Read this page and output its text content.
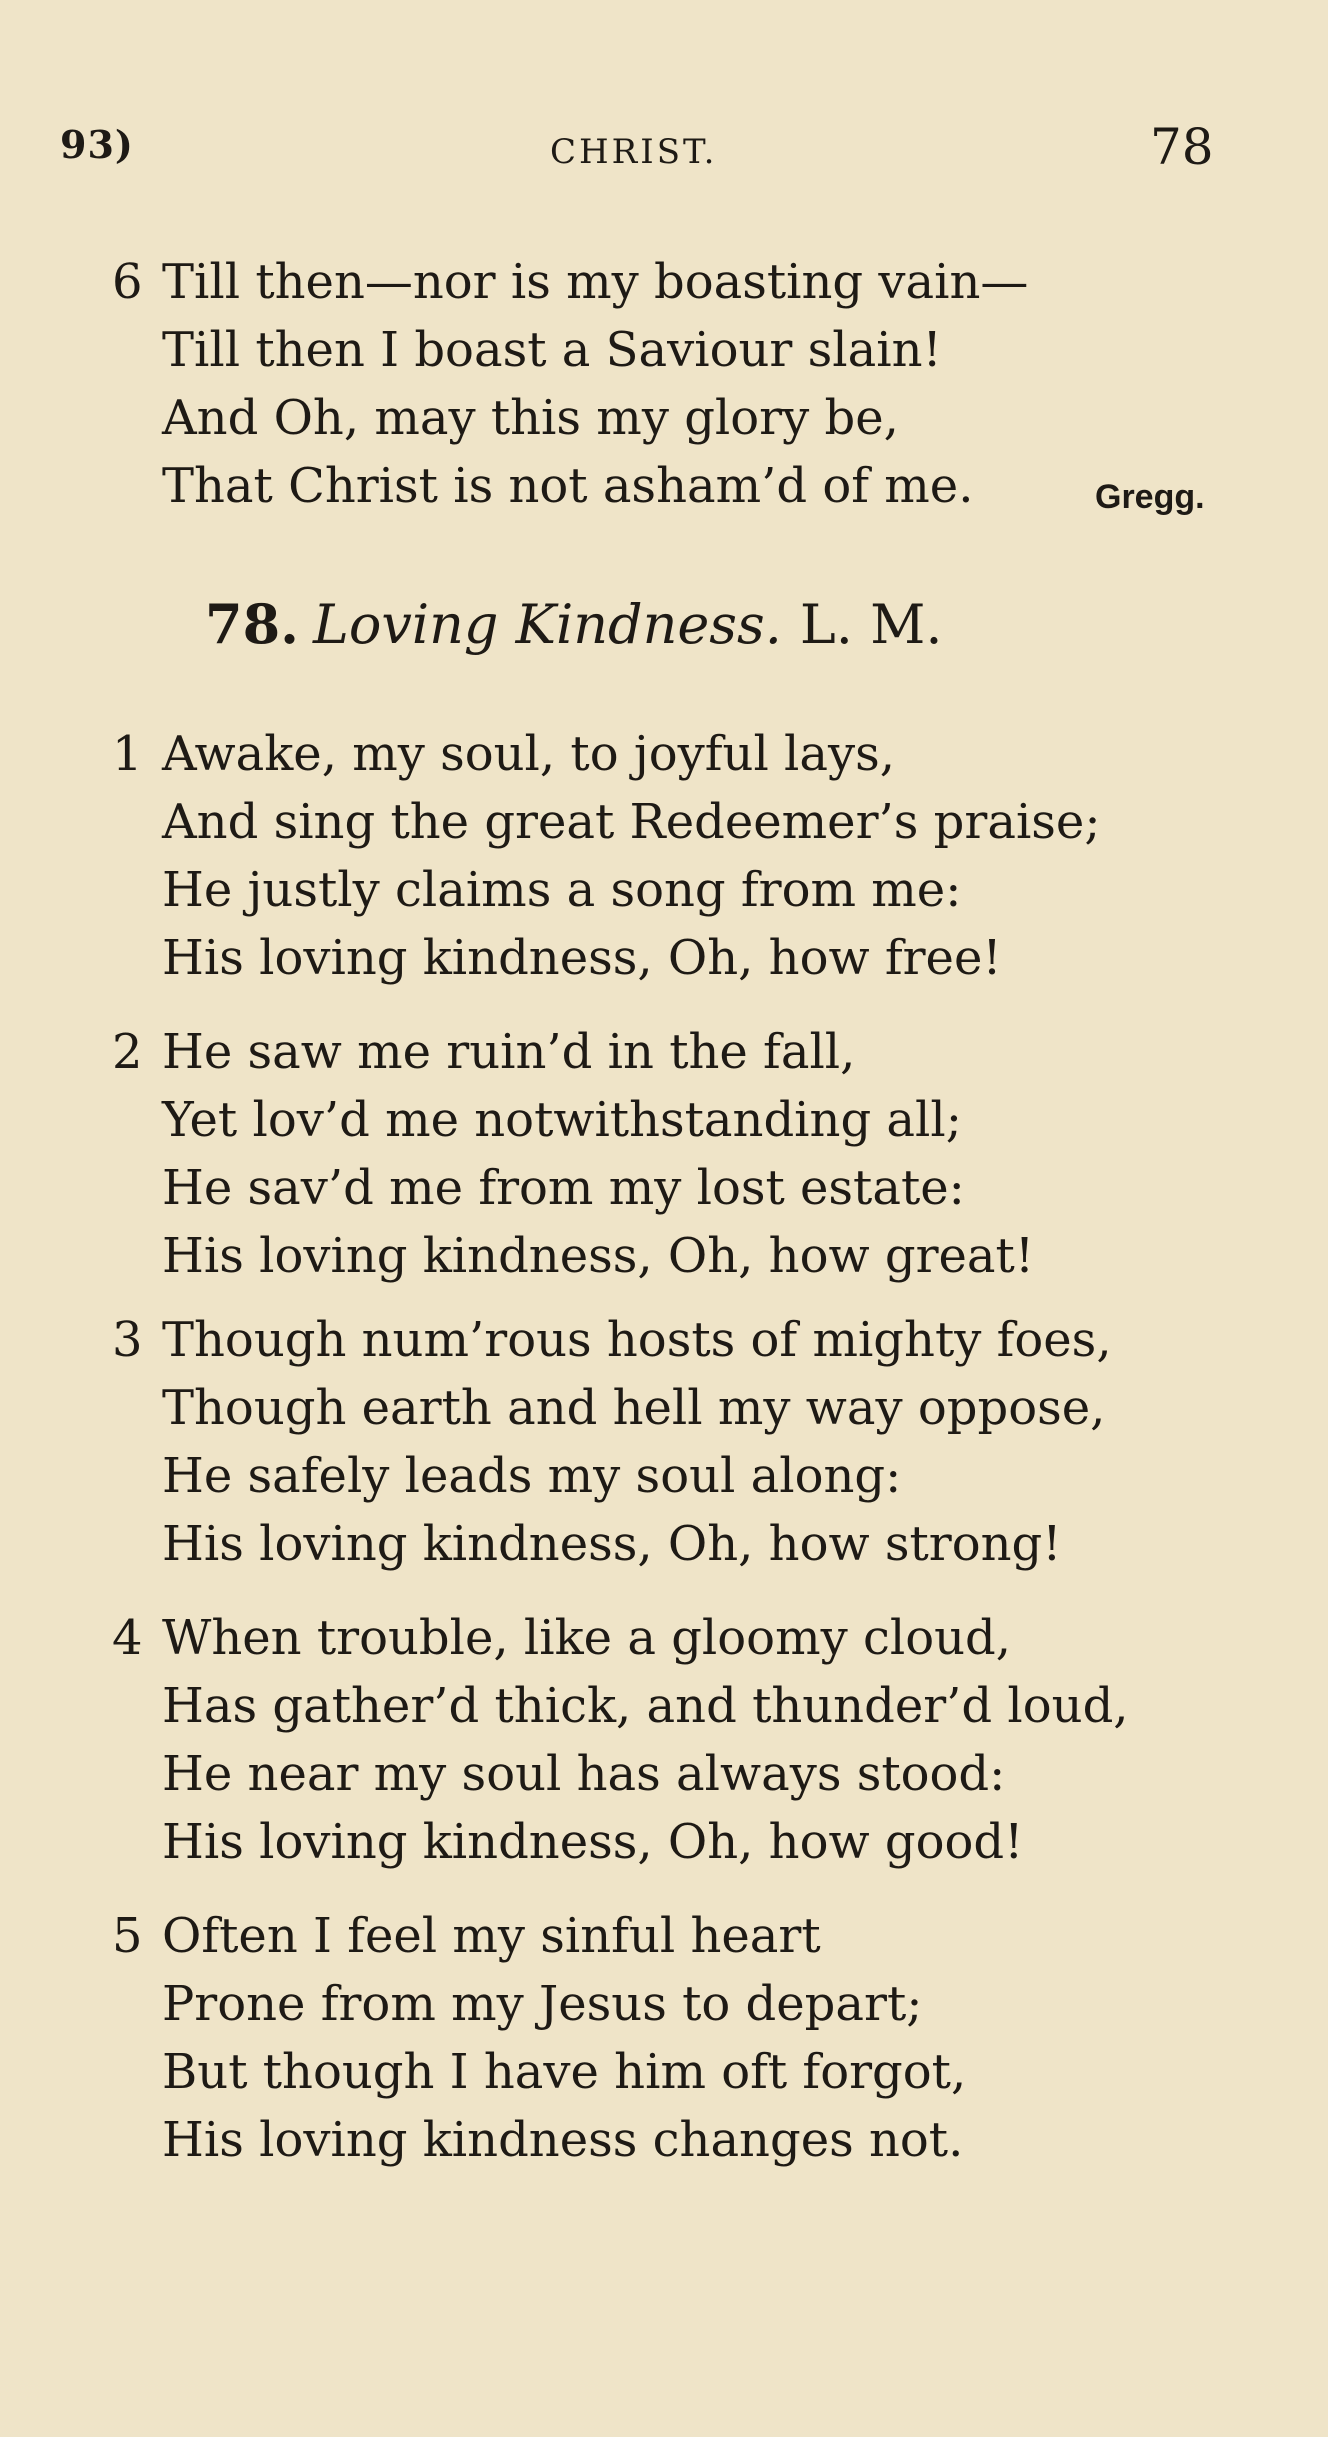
93)	CHRIST.	78
6 Till then—nor is my boasting vain—
Till then I boast a Saviour slain!
And Oh, may this my glory be,
That Christ is not asham’d of me.	Gregg.
78. Loving Kindness. L. M.
1 Awake, my soul, to joyful lays,
And sing the great Redeemer’s praise;
He justly claims a song from me:
His loving kindness, Oh, how free!
2 He saw me ruin’d in the fall,
Yet lov’d me notwithstanding all;
He sav’d me from my lost estate:
His loving kindness, Oh, how great!
3 Though num’rous hosts of mighty foes,
Though earth and hell my way oppose,
He safely leads my soul along:
His loving kindness, Oh, how strong!
4 When trouble, like a gloomy cloud,
Has gather’d thick, and thunder’d loud,
He near my soul has always stood:
His loving kindness, Oh, how good!
5 Often I feel my sinful heart
Prone from my Jesus to depart;
But though I have him oft forgot,
His loving kindness changes not.
